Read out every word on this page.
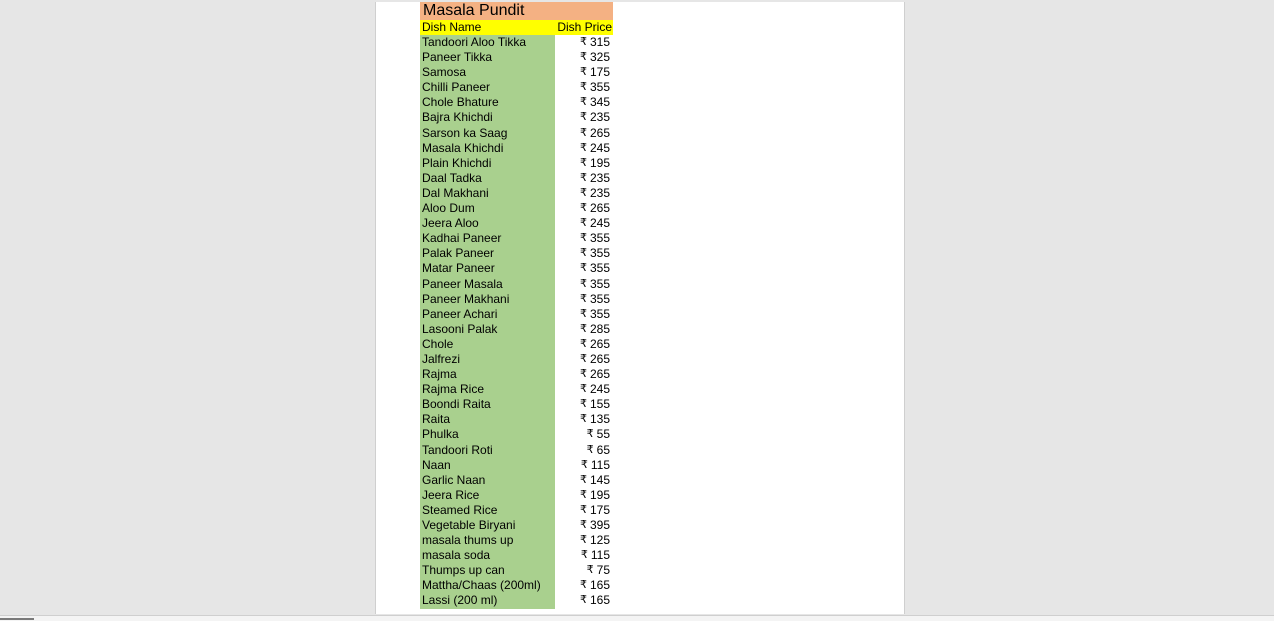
Masala Pundit
Dish Name	Dish Price
Tandoori Aloo Tikka	₹ 315
Paneer Tikka	₹ 325
Samosa	₹ 175
Chilli Paneer	₹ 355
Chole Bhature	₹ 345
Bajra Khichdi	₹ 235
Sarson ka Saag	₹ 265
Masala Khichdi	₹ 245
Plain Khichdi	₹ 195
Daal Tadka	₹ 235
Dal Makhani	₹ 235
Aloo Dum	₹ 265
Jeera Aloo	₹ 245
Kadhai Paneer	₹ 355
Palak Paneer	₹ 355
Matar Paneer	₹ 355
Paneer Masala	₹ 355
Paneer Makhani	₹ 355
Paneer Achari	₹ 355
Lasooni Palak	₹ 285
Chole	₹ 265
Jalfrezi	₹ 265
Rajma	₹ 265
Rajma Rice	₹ 245
Boondi Raita	₹ 155
Raita	₹ 135
Phulka	₹ 55
Tandoori Roti	₹ 65
Naan	₹ 115
Garlic Naan	₹ 145
Jeera Rice	₹ 195
Steamed Rice	₹ 175
Vegetable Biryani	₹ 395
masala thums up	₹ 125
masala soda	₹ 115
Thumps up can	₹ 75
Mattha/Chaas (200ml)	₹ 165
Lassi (200 ml)	₹ 165
